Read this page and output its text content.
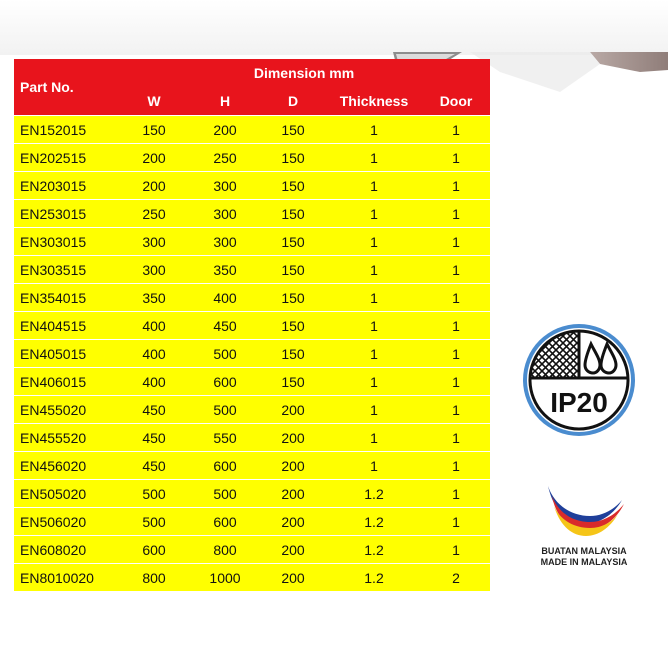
Part No.	Dimension mm				
	W	H	D	Thickness	Door
EN152015	150	200	150	1	1
EN202515	200	250	150	1	1
EN203015	200	300	150	1	1
EN253015	250	300	150	1	1
EN303015	300	300	150	1	1
EN303515	300	350	150	1	1
EN354015	350	400	150	1	1
EN404515	400	450	150	1	1
EN405015	400	500	150	1	1
EN406015	400	600	150	1	1
EN455020	450	500	200	1	1
EN455520	450	550	200	1	1
EN456020	450	600	200	1	1
EN505020	500	500	200	1.2	1
EN506020	500	600	200	1.2	1
EN608020	600	800	200	1.2	1
EN8010020	800	1000	200	1.2	2
IP20
BUATAN MALAYSIA
MADE IN MALAYSIA
